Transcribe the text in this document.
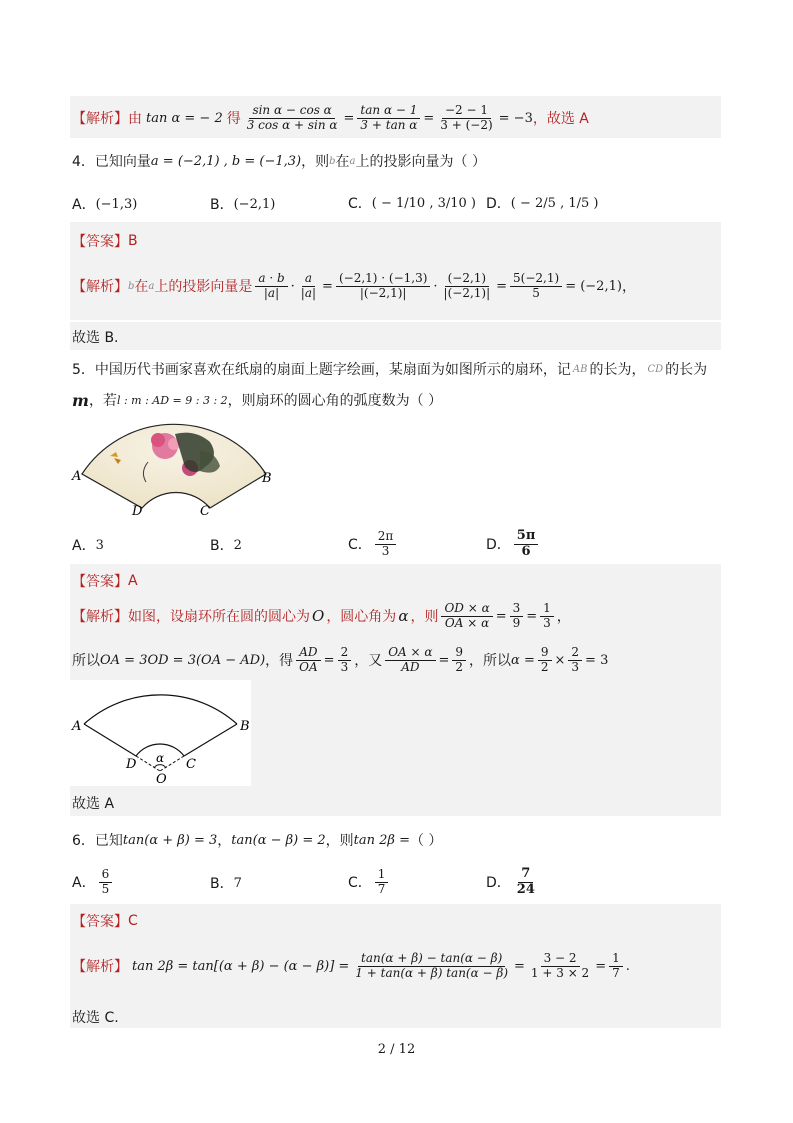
【解析】 由 tan α = − 2 得 $\frac{\text{sin α − cos α}}{\text{3 cos α + sin α}} = \frac{\text{tan α − 1}}{\text{3 + tan α}} = \frac{-2 - 1}{3 + (-2)} = -3$ ，故选 A
4．已知向量 a = (−2,1) , b = (−1,3) ，则 b 在 a 上的投影向量为（ ）
A． (−1,3)	B． (−2,1)	C． ( − 1/10 , 3/10 ) D． ( − 2/5 , 1/5 )
【答案】 B
【解析】 b 在 a 上的投影向量是 $\frac{a \cdot b}{|a|} \cdot \frac{a}{|a|} = \frac{(-2,1) \cdot (-1,3)}{|(-2,1)|} \cdot \frac{(-2,1)}{|(-2,1)|} = \frac{5(-2,1)}{5} = (-2,1)$ ，
故选 B.
5．中国历代书画家喜欢在纸扇的扇面上题字绘画，某扇面为如图所示的扇环，记 AB 的长为 ， CD 的长为
m ，若 l : m : AD = 9 : 3 : 2 ，则扇环的圆心角的弧度数为（ ）
A	B
D	C
A． 3	B． 2	C． $\frac{2\pi}{3}$	D． $\frac{5\pi}{6}$
【答案】 A
【解析】 如图，设扇环所在圆的圆心为 O ，圆心角为 α ，则 $\frac{OD \times \alpha}{OA \times \alpha} = \frac{3}{9} = \frac{1}{3}$ ，
所以 OA = 3OD = 3(OA − AD) ，得 $\frac{AD}{OA} = \frac{2}{3}$ ，又 $\frac{OA \times \alpha}{AD} = \frac{9}{2}$ ，所以 $\alpha = \frac{9}{2} \times \frac{2}{3} = 3$
A	B
D	C
O
α
故选 A
6．已知 tan(α + β) = 3 ， tan(α − β) = 2 ，则 tan 2β = （ ）
A． $\frac{6}{5}$	B． 7	C． $\frac{1}{7}$	D． $\frac{7}{24}$
【答案】 C
【解析】 $\tan 2\beta = \tan[(\alpha + \beta) - (\alpha - \beta)] = \frac{\tan(\alpha + \beta) - \tan(\alpha - \beta)}{1 + \tan(\alpha + \beta) \tan(\alpha - \beta)} = \frac{3 - 2}{1 + 3 \times 2} = \frac{1}{7}$ .
故选 C.
2 / 12
